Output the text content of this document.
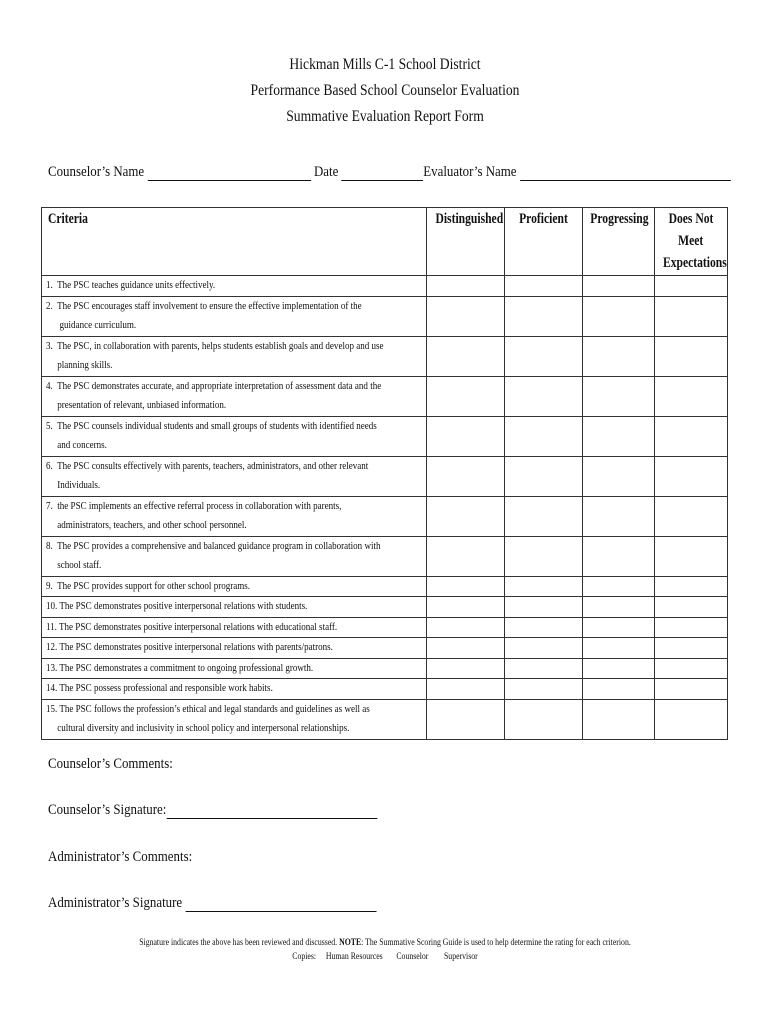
Hickman Mills C-1 School District
Performance Based School Counselor Evaluation
Summative Evaluation Report Form
Counselor’s Name	Date	Evaluator’s Name
Criteria	Distinguished	Proficient	Progressing	Does Not
Meet
Expectations

1.  The PSC teaches guidance units effectively.				

2.  The PSC encourages staff involvement to ensure the effective implementation of the
guidance curriculum.				

3.  The PSC, in collaboration with parents, helps students establish goals and develop and use
planning skills.				

4.  The PSC demonstrates accurate, and appropriate interpretation of assessment data and the
presentation of relevant, unbiased information.				

5.  The PSC counsels individual students and small groups of students with identified needs
and concerns.				

6.  The PSC consults effectively with parents, teachers, administrators, and other relevant
Individuals.				

7.  the PSC implements an effective referral process in collaboration with parents,
administrators, teachers, and other school personnel.				

8.  The PSC provides a comprehensive and balanced guidance program in collaboration with
school staff.				

9.  The PSC provides support for other school programs.				

10. The PSC demonstrates positive interpersonal relations with students.				

11. The PSC demonstrates positive interpersonal relations with educational staff.				

12. The PSC demonstrates positive interpersonal relations with parents/patrons.				

13. The PSC demonstrates a commitment to ongoing professional growth.				

14. The PSC possess professional and responsible work habits.				

15. The PSC follows the profession’s ethical and legal standards and guidelines as well as
cultural diversity and inclusivity in school policy and interpersonal relationships.				

Counselor’s Comments:
Counselor’s Signature:
Administrator’s Comments:
Administrator’s Signature
Signature indicates the above has been reviewed and discussed. NOTE: The Summative Scoring Guide is used to help determine the rating for each criterion.
Copies: Human Resources Counselor Supervisor
